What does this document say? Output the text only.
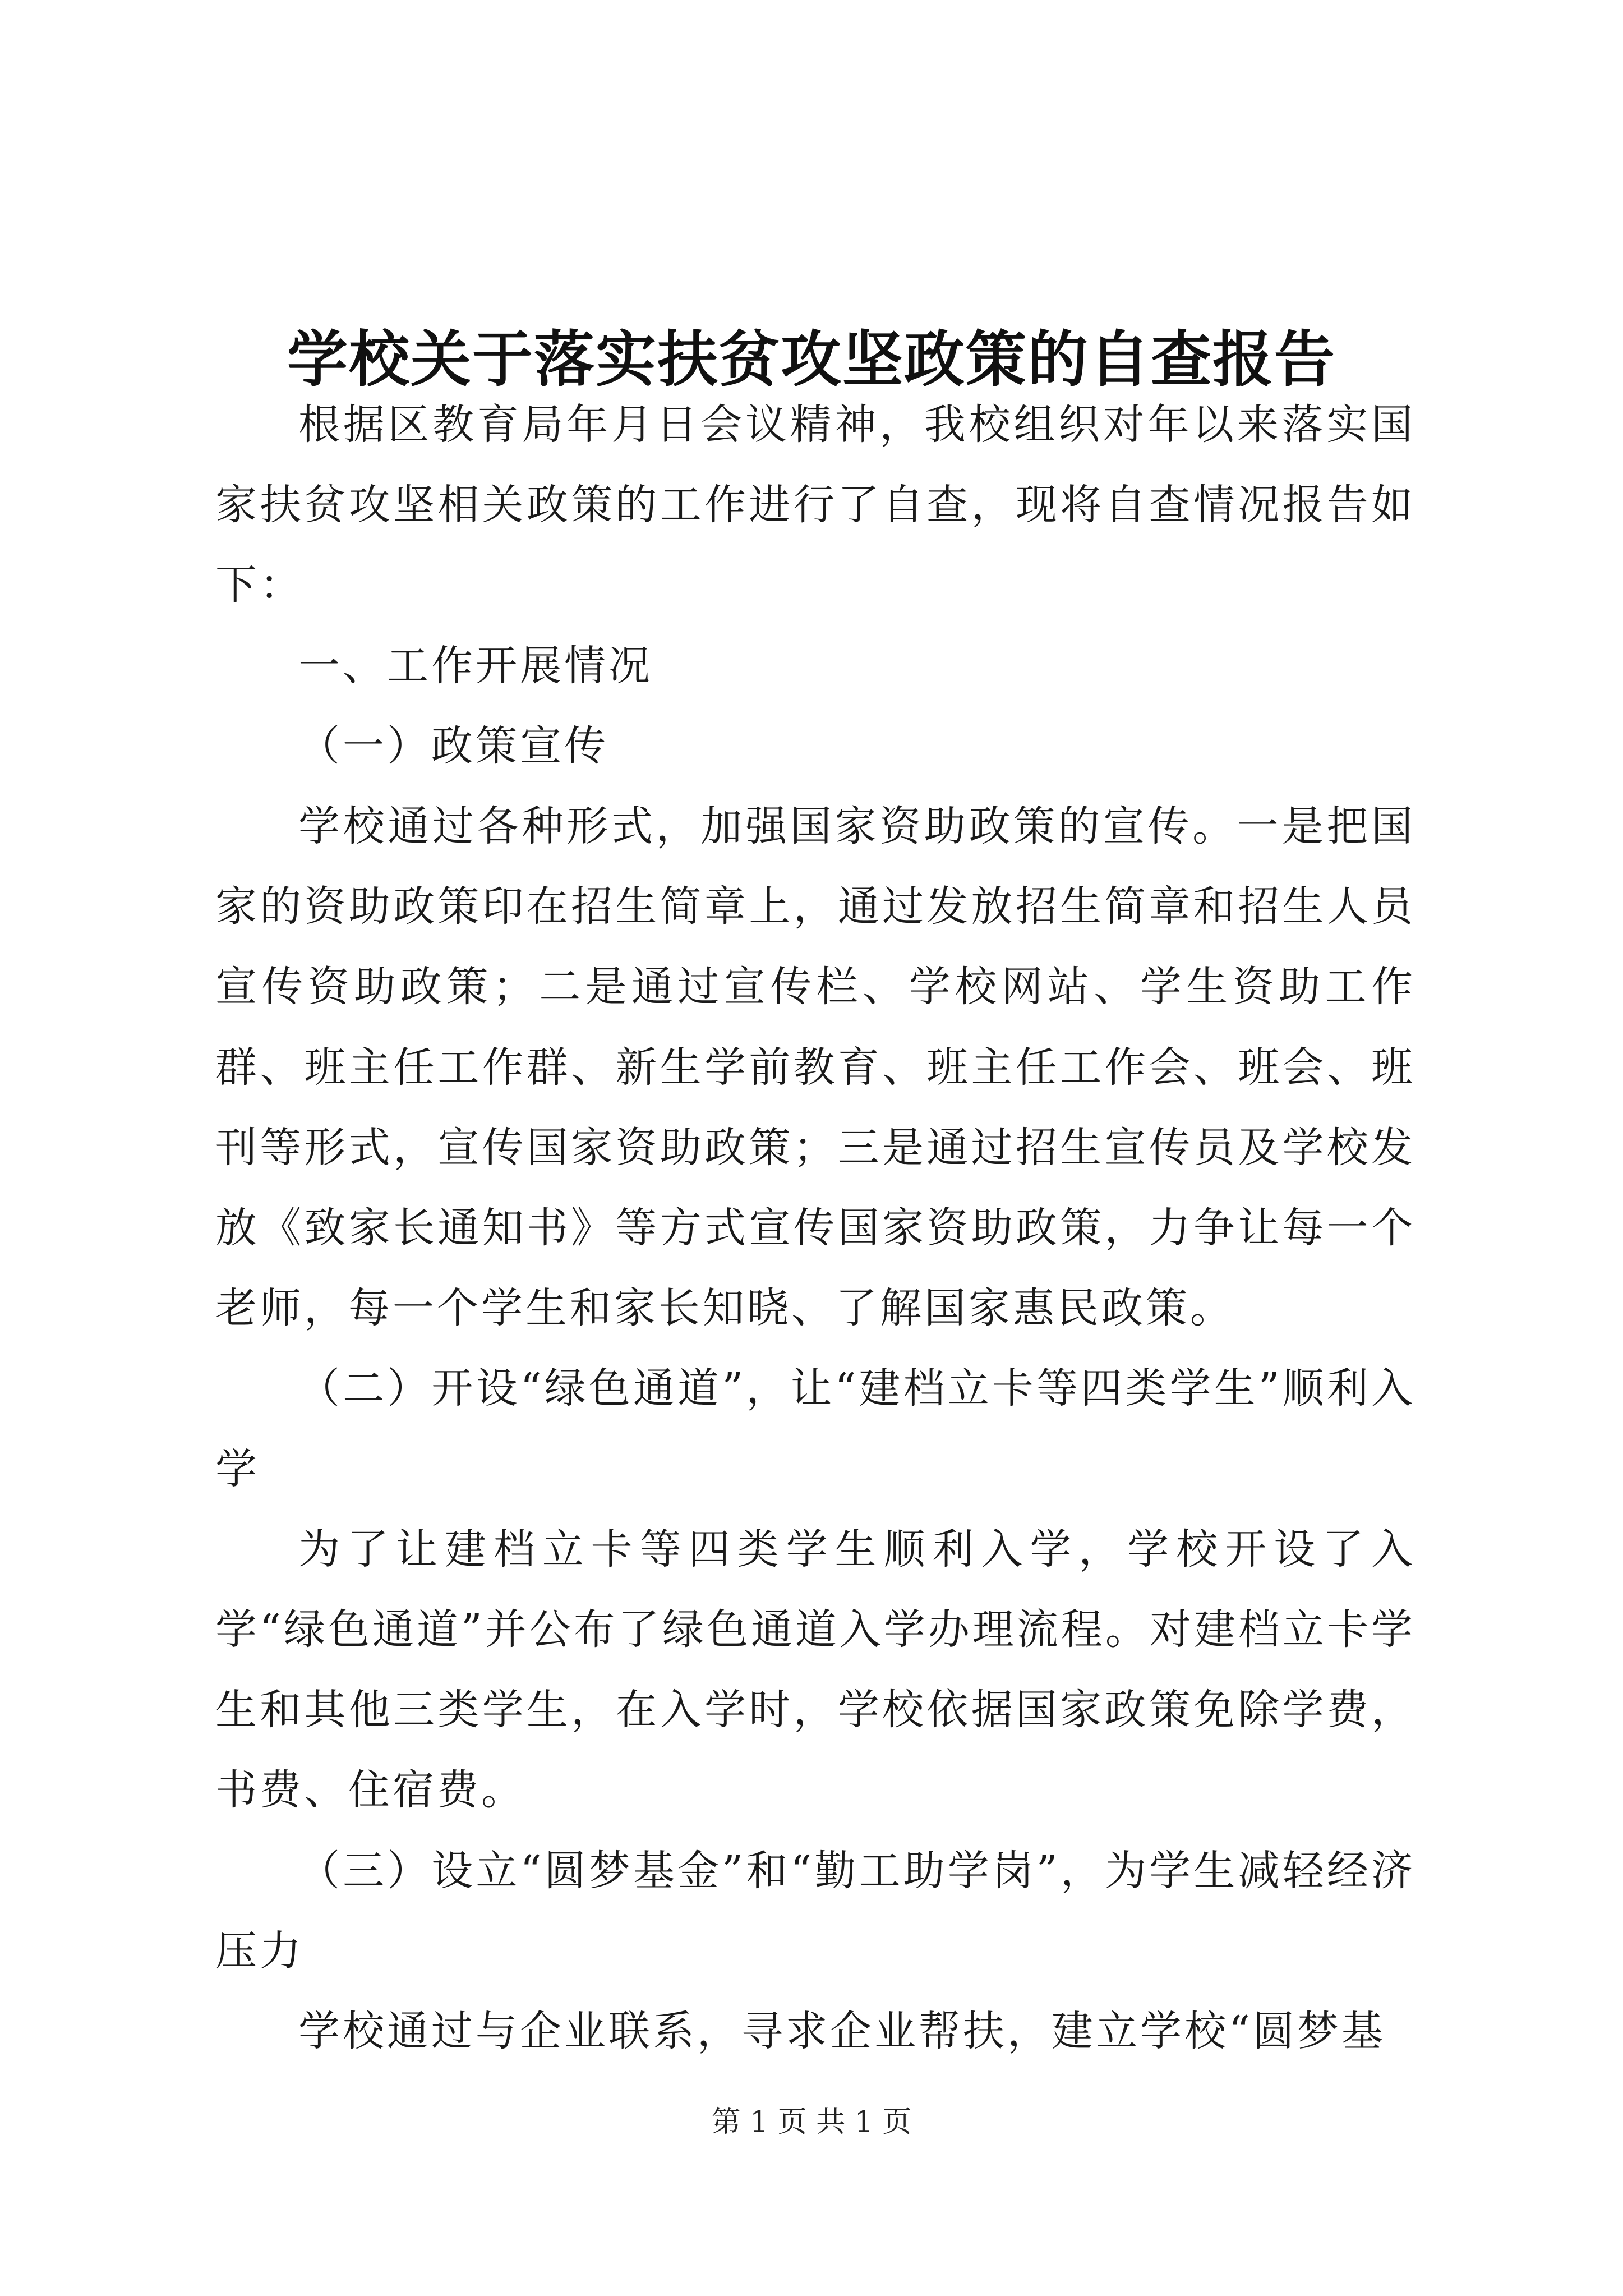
学校关于落实扶贫攻坚政策的自查报告

根据区教育局年月日会议精神，我校组织对年以来落实国家扶贫攻坚相关政策的工作进行了自查，现将自查情况报告如下：

一、工作开展情况

（一）政策宣传

学校通过各种形式，加强国家资助政策的宣传。一是把国家的资助政策印在招生简章上，通过发放招生简章和招生人员宣传资助政策；二是通过宣传栏、学校网站、学生资助工作群、班主任工作群、新生学前教育、班主任工作会、班会、班刊等形式，宣传国家资助政策；三是通过招生宣传员及学校发放《致家长通知书》等方式宣传国家资助政策，力争让每一个老师，每一个学生和家长知晓、了解国家惠民政策。

（二）开设“绿色通道”，让“建档立卡等四类学生”顺利入学

为了让建档立卡等四类学生顺利入学，学校开设了入学“绿色通道”并公布了绿色通道入学办理流程。对建档立卡学生和其他三类学生，在入学时，学校依据国家政策免除学费，书费、住宿费。

（三）设立“圆梦基金”和“勤工助学岗”，为学生减轻经济压力

学校通过与企业联系，寻求企业帮扶，建立学校“圆梦基

第 1 页 共 1 页
